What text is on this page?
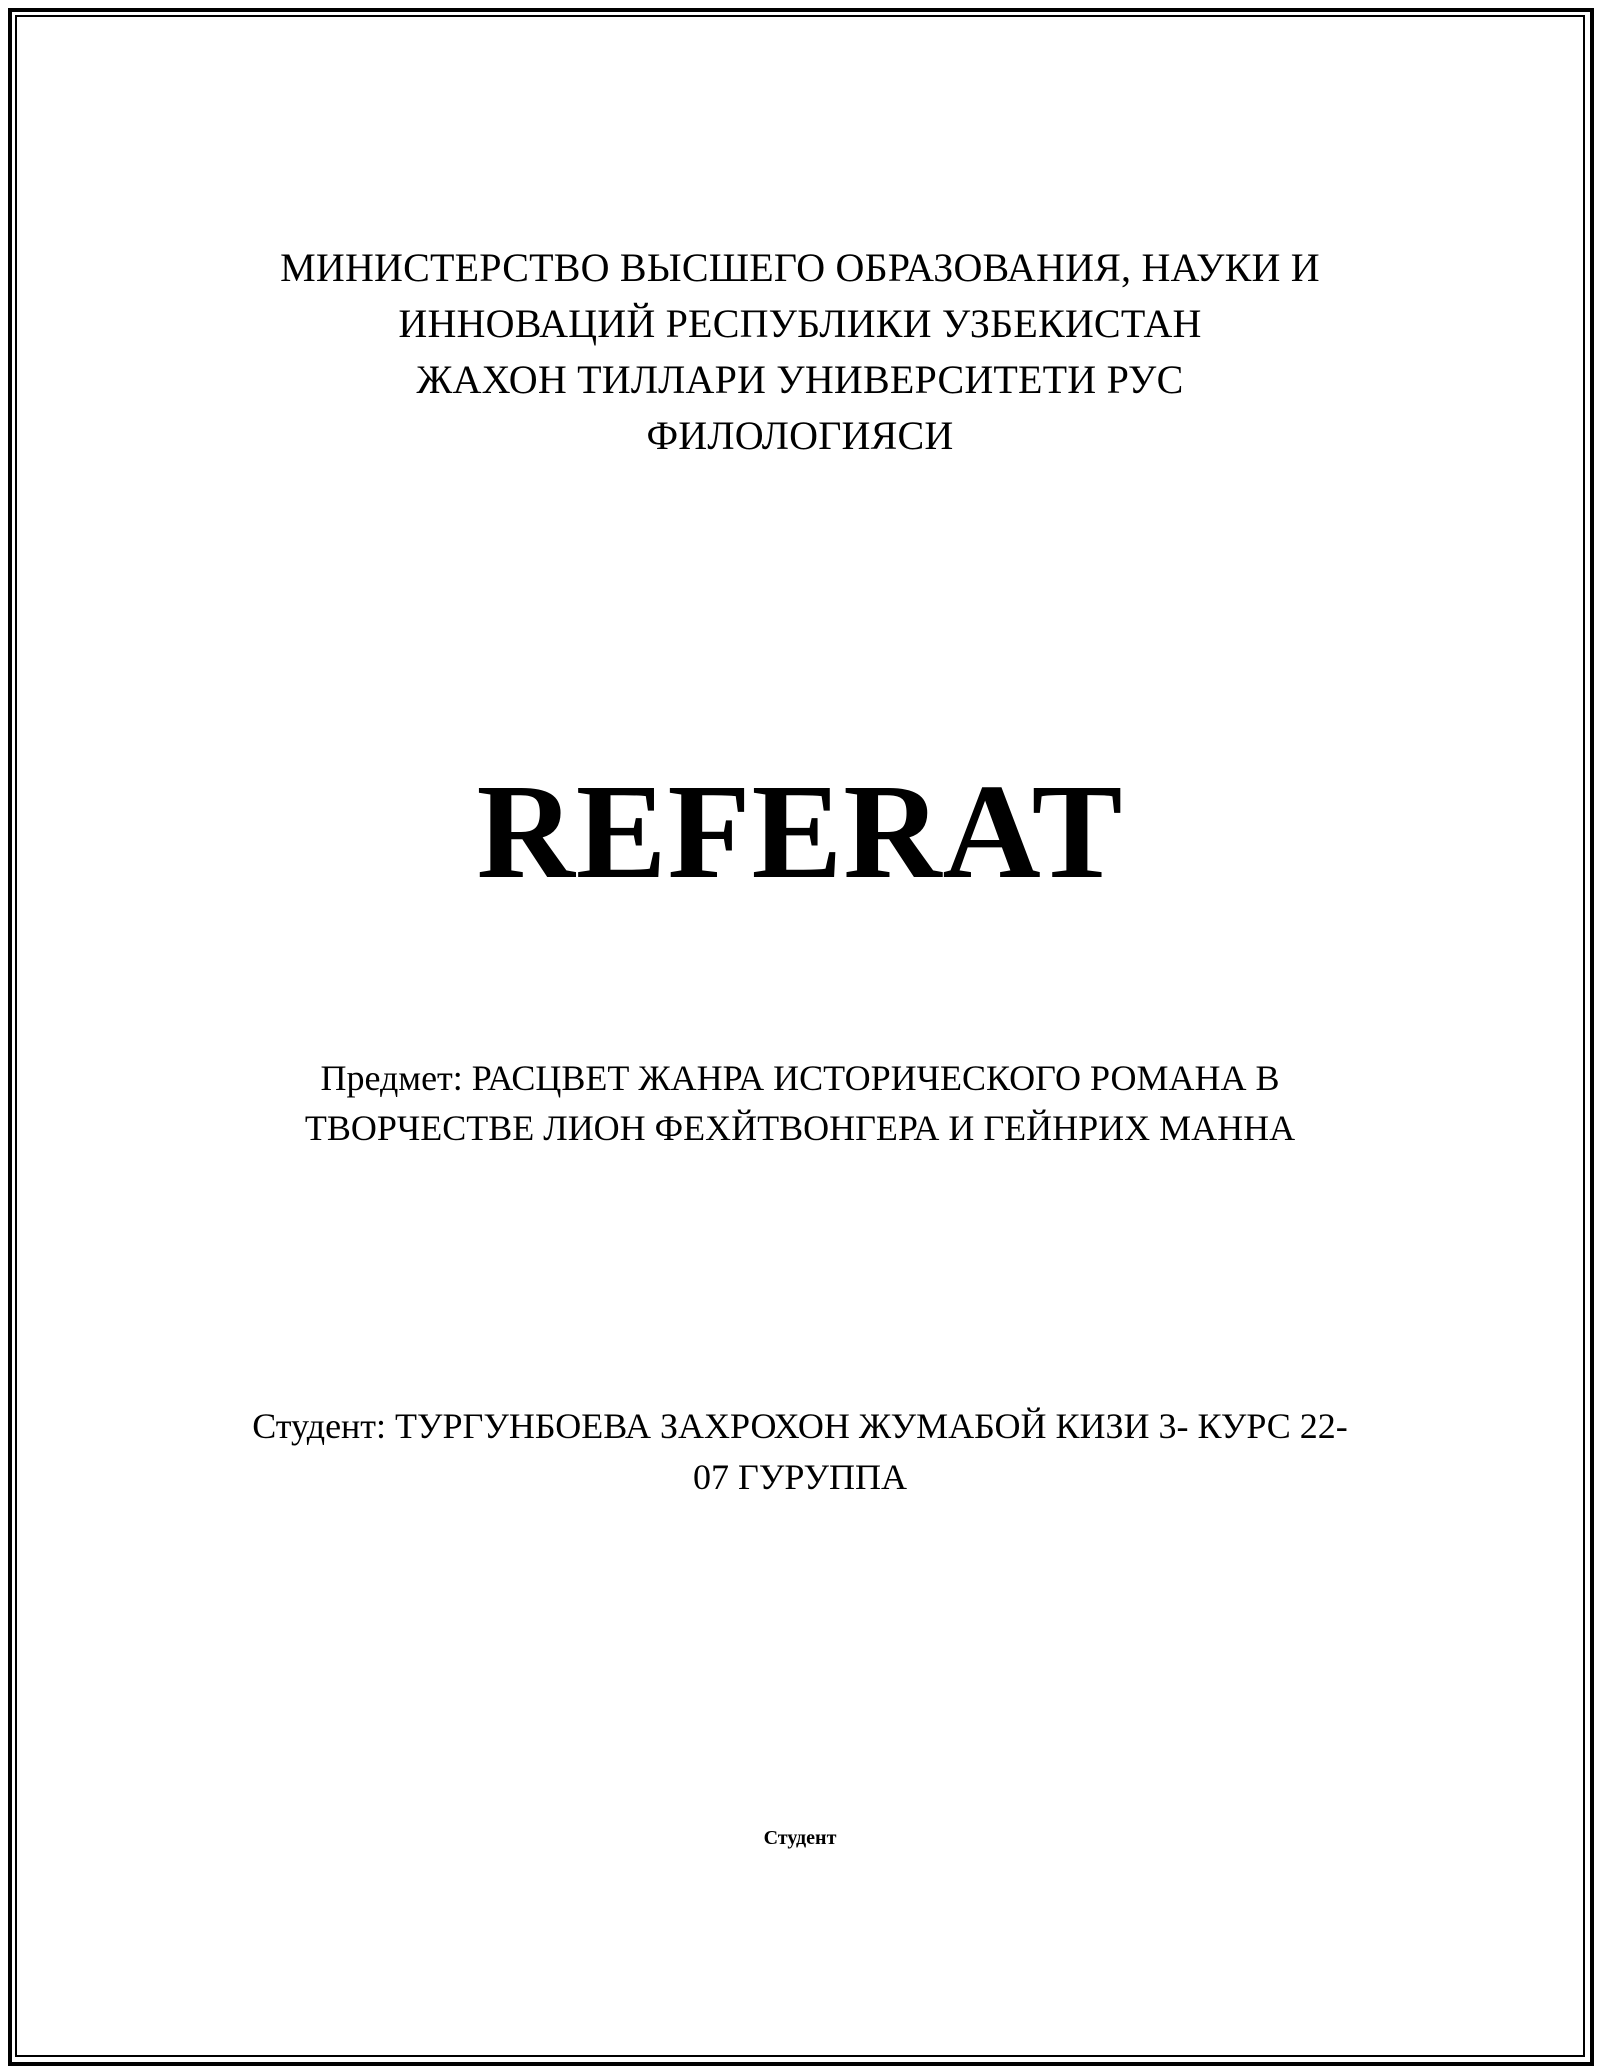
МИНИСТЕРСТВО ВЫСШЕГО ОБРАЗОВАНИЯ, НАУКИ И
ИННОВАЦИЙ РЕСПУБЛИКИ УЗБЕКИСТАН
ЖАХОН ТИЛЛАРИ УНИВЕРСИТЕТИ РУС
ФИЛОЛОГИЯСИ
REFERAT
Предмет: РАСЦВЕТ ЖАНРА ИСТОРИЧЕСКОГО РОМАНА В
ТВОРЧЕСТВЕ ЛИОН ФЕХЙТВОНГЕРА И ГЕЙНРИХ МАННА
Студент: ТУРГУНБОЕВА ЗАХРОХОН ЖУМАБОЙ КИЗИ 3- КУРС 22-
07 ГУРУППА
Студент
